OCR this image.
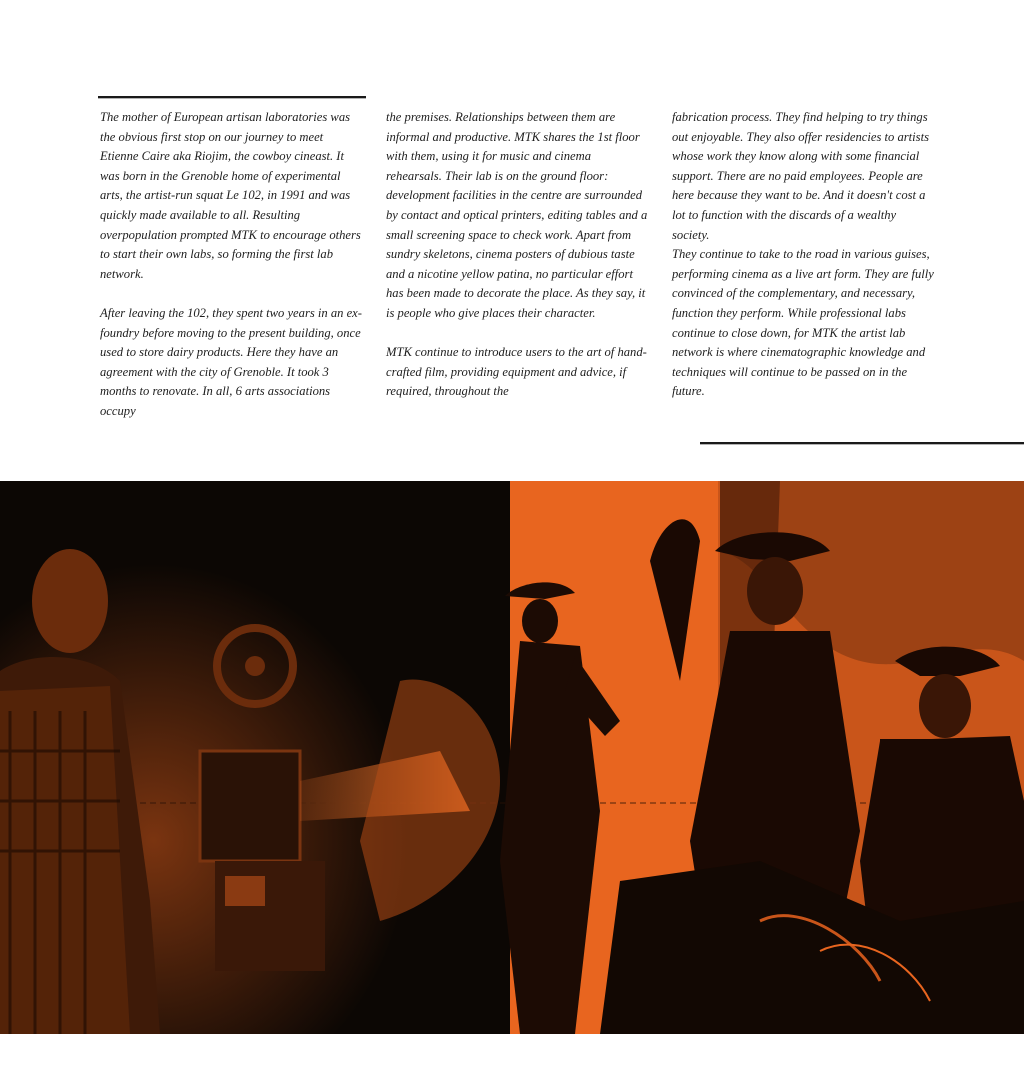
The mother of European artisan laboratories was the obvious first stop on our journey to meet Etienne Caire aka Riojim, the cowboy cineast. It was born in the Grenoble home of experimental arts, the artist-run squat Le 102, in 1991 and was quickly made available to all. Resulting overpopulation prompted MTK to encourage others to start their own labs, so forming the first lab network.

After leaving the 102, they spent two years in an ex-foundry before moving to the present building, once used to store dairy products. Here they have an agreement with the city of Grenoble. It took 3 months to renovate. In all, 6 arts associations occupy

the premises. Relationships between them are informal and productive. MTK shares the 1st floor with them, using it for music and cinema rehearsals. Their lab is on the ground floor: development facilities in the centre are surrounded by contact and optical printers, editing tables and a small screening space to check work. Apart from sundry skeletons, cinema posters of dubious taste and a nicotine yellow patina, no particular effort has been made to decorate the place. As they say, it is people who give places their character.

MTK continue to introduce users to the art of hand-crafted film, providing equipment and advice, if required, throughout the

fabrication process. They find helping to try things out enjoyable. They also offer residencies to artists whose work they know along with some financial support. There are no paid employees. People are here because they want to be. And it doesn't cost a lot to function with the discards of a wealthy society.

They continue to take to the road in various guises, performing cinema as a live art form. They are fully convinced of the complementary, and necessary, function they perform. While professional labs continue to close down, for MTK the artist lab network is where cinematographic knowledge and techniques will continue to be passed on in the future.
